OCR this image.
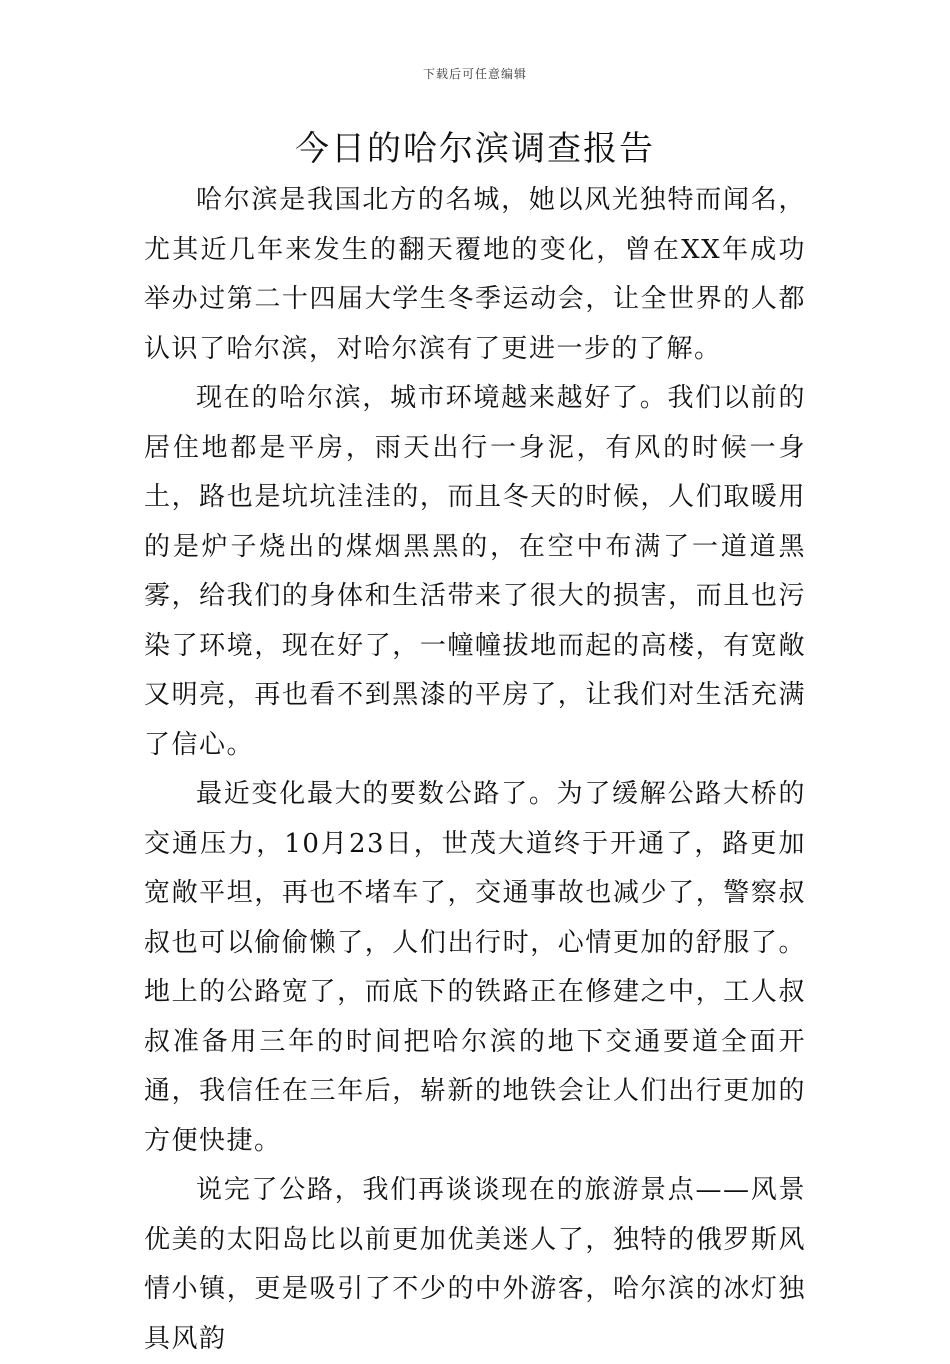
下载后可任意编辑
今日的哈尔滨调查报告

哈尔滨是我国北方的名城，她以风光独特而闻名，尤其近几年来发生的翻天覆地的变化，曾在XX年成功举办过第二十四届大学生冬季运动会，让全世界的人都认识了哈尔滨，对哈尔滨有了更进一步的了解。

现在的哈尔滨，城市环境越来越好了。我们以前的居住地都是平房，雨天出行一身泥，有风的时候一身土，路也是坑坑洼洼的，而且冬天的时候，人们取暖用的是炉子烧出的煤烟黑黑的，在空中布满了一道道黑雾，给我们的身体和生活带来了很大的损害，而且也污染了环境，现在好了，一幢幢拔地而起的高楼，有宽敞又明亮，再也看不到黑漆的平房了，让我们对生活充满了信心。

最近变化最大的要数公路了。为了缓解公路大桥的交通压力，10月23日，世茂大道终于开通了，路更加宽敞平坦，再也不堵车了，交通事故也减少了，警察叔叔也可以偷偷懒了，人们出行时，心情更加的舒服了。地上的公路宽了，而底下的铁路正在修建之中，工人叔叔准备用三年的时间把哈尔滨的地下交通要道全面开通，我信任在三年后，崭新的地铁会让人们出行更加的方便快捷。

说完了公路，我们再谈谈现在的旅游景点——风景优美的太阳岛比以前更加优美迷人了，独特的俄罗斯风情小镇，更是吸引了不少的中外游客，哈尔滨的冰灯独具风韵
